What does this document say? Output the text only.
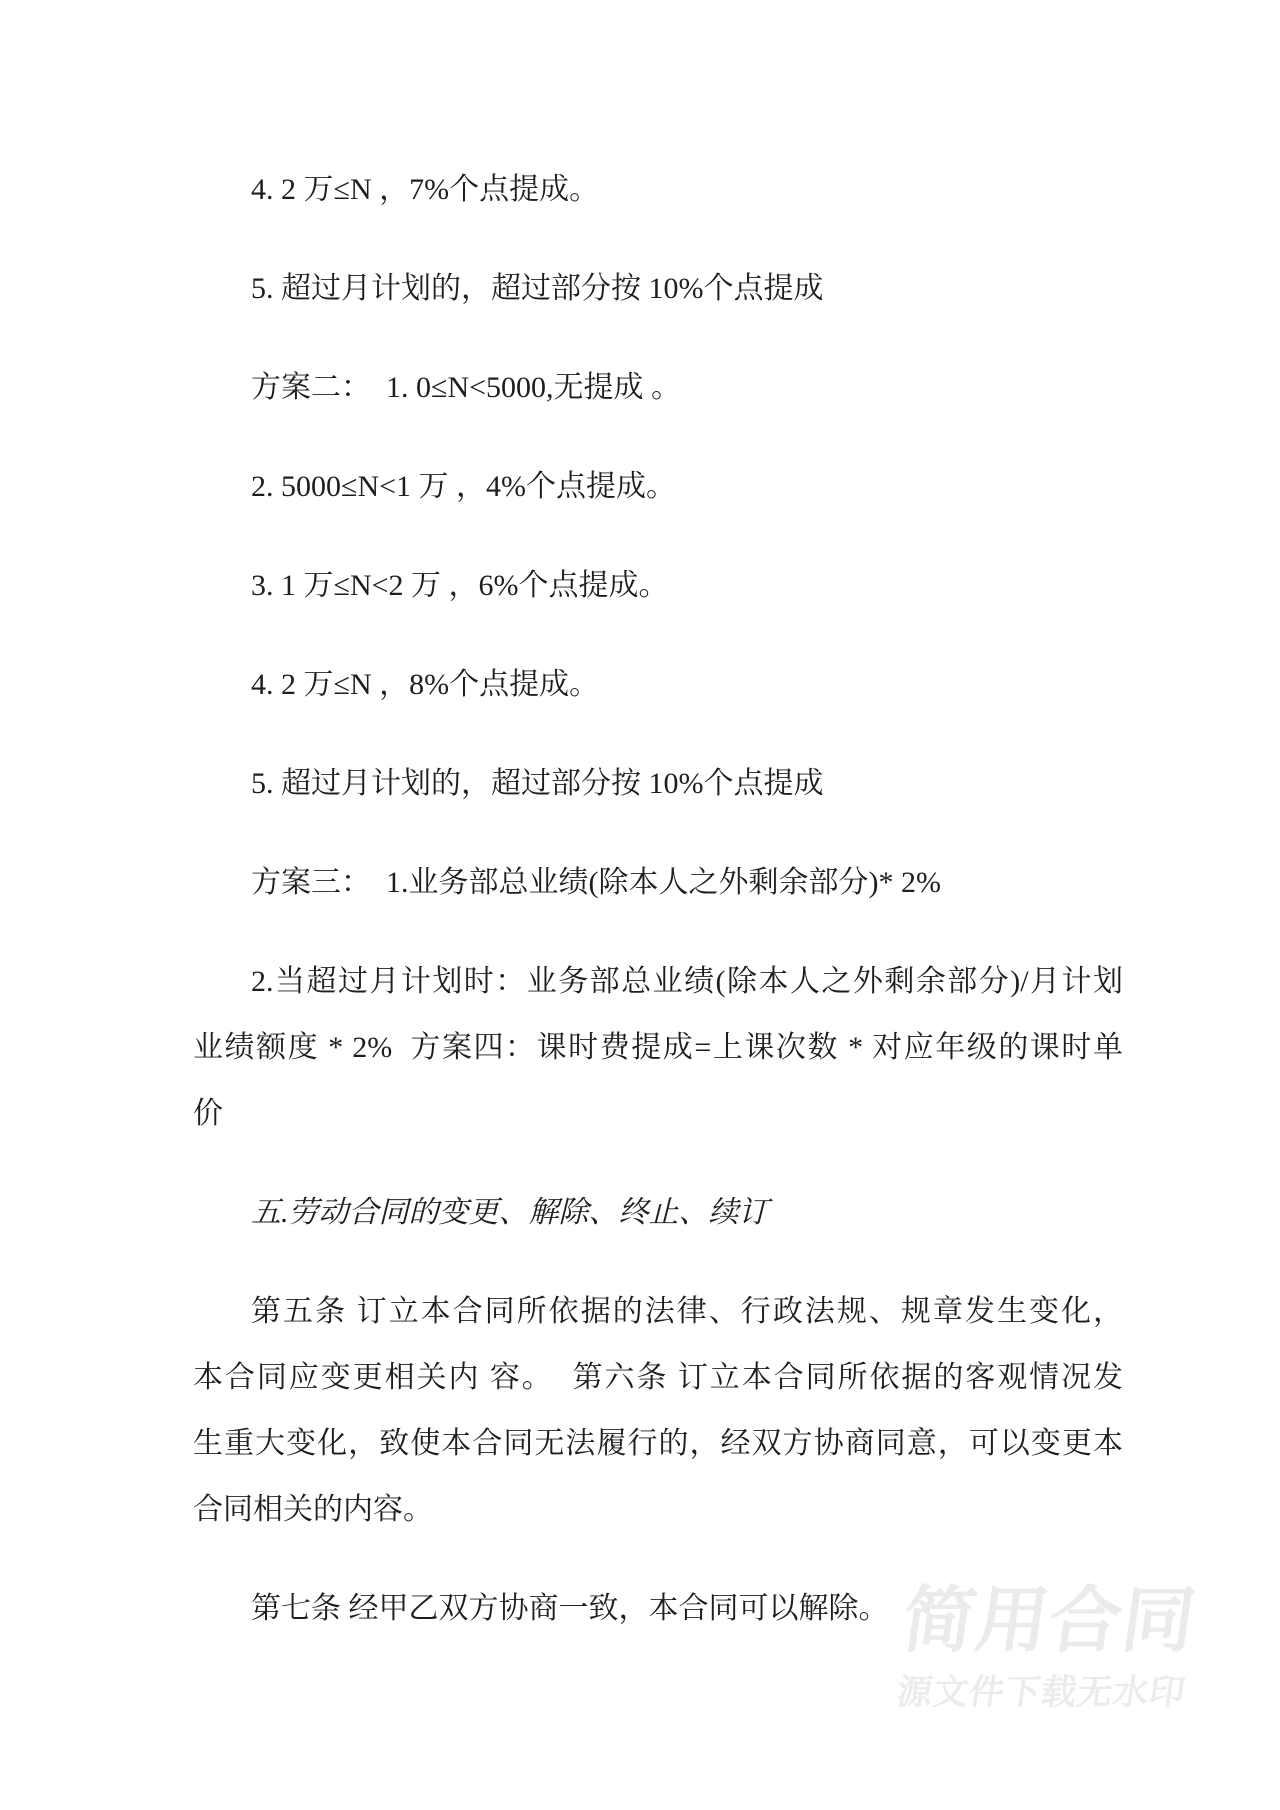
4. 2 万≤N ，7%个点提成。
5. 超过月计划的，超过部分按 10%个点提成
方案二：  1. 0≤N<5000,无提成 。
2. 5000≤N<1 万 ，4%个点提成。
3. 1 万≤N<2 万 ，6%个点提成。
4. 2 万≤N ，8%个点提成。
5. 超过月计划的，超过部分按 10%个点提成
方案三：  1.业务部总业绩(除本人之外剩余部分)* 2%
2.当超过月计划时：业务部总业绩(除本人之外剩余部分)/月计划
业绩额度 * 2%  方案四：课时费提成=上课次数 * 对应年级的课时单
价
五.劳动合同的变更、解除、终止、续订
第五条 订立本合同所依据的法律、行政法规、规章发生变化，
本合同应变更相关内 容。  第六条 订立本合同所依据的客观情况发
生重大变化，致使本合同无法履行的，经双方协商同意，可以变更本
合同相关的内容。
第七条 经甲乙双方协商一致，本合同可以解除。 简用合同
源文件下载无水印
